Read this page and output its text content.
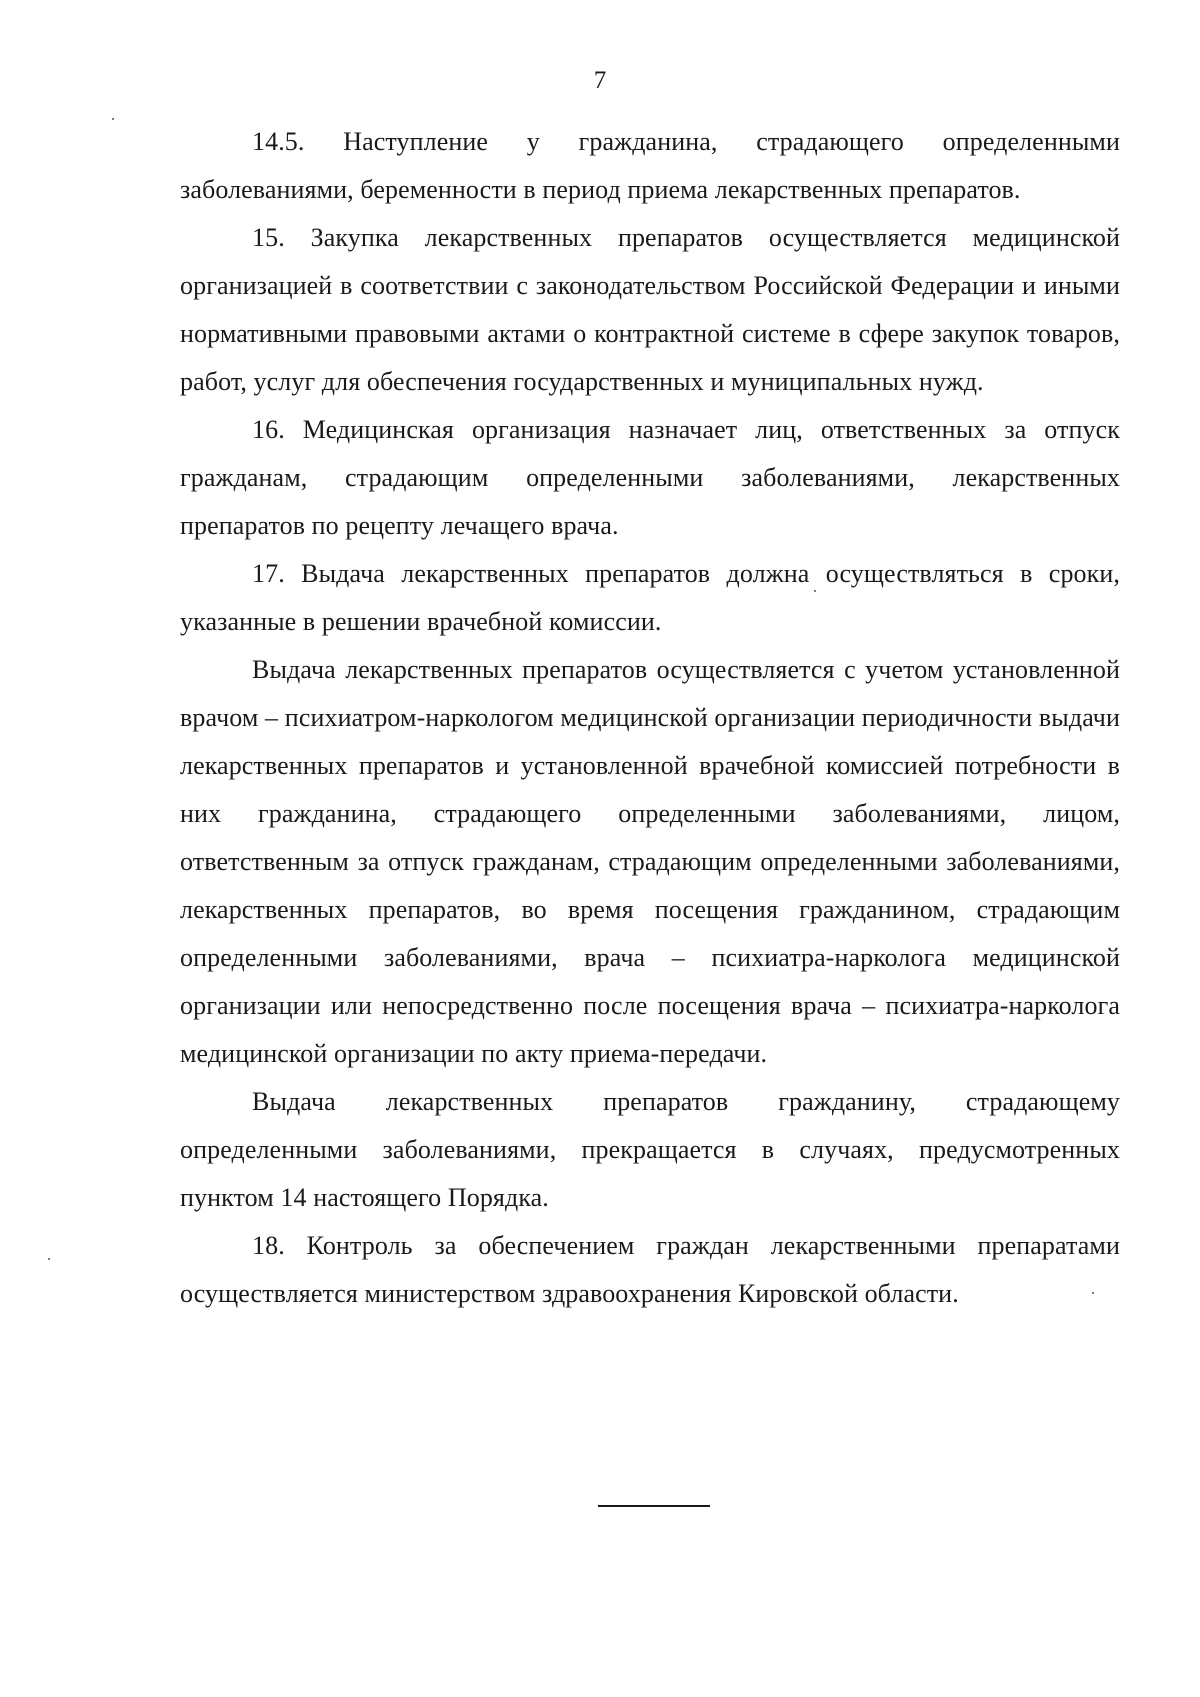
7

14.5. Наступление у гражданина, страдающего определенными заболеваниями, беременности в период приема лекарственных препаратов.

15. Закупка лекарственных препаратов осуществляется медицинской организацией в соответствии с законодательством Российской Федерации и иными нормативными правовыми актами о контрактной системе в сфере закупок товаров, работ, услуг для обеспечения государственных и муниципальных нужд.

16. Медицинская организация назначает лиц, ответственных за отпуск гражданам, страдающим определенными заболеваниями, лекарственных препаратов по рецепту лечащего врача.

17. Выдача лекарственных препаратов должна осуществляться в сроки, указанные в решении врачебной комиссии.

Выдача лекарственных препаратов осуществляется с учетом установленной врачом – психиатром-наркологом медицинской организации периодичности выдачи лекарственных препаратов и установленной врачебной комиссией потребности в них гражданина, страдающего определенными заболеваниями, лицом, ответственным за отпуск гражданам, страдающим определенными заболеваниями, лекарственных препаратов, во время посещения гражданином, страдающим определенными заболеваниями, врача – психиатра-нарколога медицинской организации или непосредственно после посещения врача – психиатра-нарколога медицинской организации по акту приема-передачи.

Выдача лекарственных препаратов гражданину, страдающему определенными заболеваниями, прекращается в случаях, предусмотренных пунктом 14 настоящего Порядка.

18. Контроль за обеспечением граждан лекарственными препаратами осуществляется министерством здравоохранения Кировской области.
